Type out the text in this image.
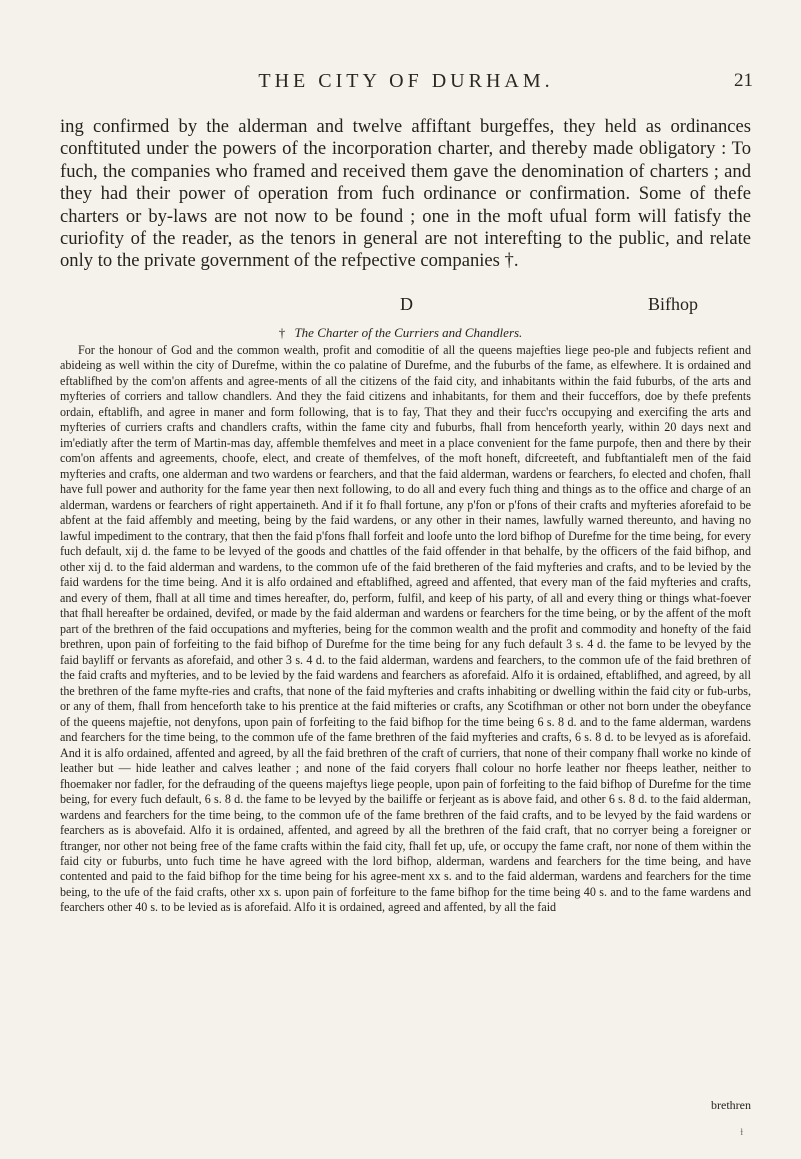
THE CITY OF DURHAM.	21

ing confirmed by the alderman and twelve affiftant burgeffes, they held as ordinances conftituted under the powers of the incorporation charter, and thereby made obligatory : To fuch, the companies who framed and received them gave the denomination of charters ; and they had their power of operation from fuch ordinance or confirmation. Some of thefe charters or by-laws are not now to be found ; one in the moft ufual form will fatisfy the curiofity of the reader, as the tenors in general are not interefting to the public, and relate only to the private government of the refpective companies †.

D	Bifhop
† The Charter of the Curriers and Chandlers.

For the honour of God and the common wealth, profit and comoditie of all the queens majefties liege peo-ple and fubjects refient and abideing as well within the city of Durefme, within the co palatine of Durefme, and the fuburbs of the fame, as elfewhere. It is ordained and eftablifhed by the com'on affents and agree-ments of all the citizens of the faid city, and inhabitants within the faid fuburbs, of the arts and myfteries of corriers and tallow chandlers. And they the faid citizens and inhabitants, for them and their fucceffors, doe by thefe prefents ordain, eftablifh, and agree in maner and form following, that is to fay, That they and their fucc'rs occupying and exercifing the arts and myfteries of curriers crafts and chandlers crafts, within the fame city and fuburbs, fhall from henceforth yearly, within 20 days next and im'ediatly after the term of Martin-mas day, affemble themfelves and meet in a place convenient for the fame purpofe, then and there by their com'on affents and agreements, choofe, elect, and create of themfelves, of the moft honeft, difcreeteft, and fubftantialeft men of the faid myfteries and crafts, one alderman and two wardens or fearchers, and that the faid alderman, wardens or fearchers, fo elected and chofen, fhall have full power and authority for the fame year then next following, to do all and every fuch thing and things as to the office and charge of an alderman, wardens or fearchers of right appertaineth. And if it fo fhall fortune, any p'fon or p'fons of their crafts and myfteries aforefaid to be abfent at the faid affembly and meeting, being by the faid wardens, or any other in their names, lawfully warned thereunto, and having no lawful impediment to the contrary, that then the faid p'fons fhall forfeit and loofe unto the lord bifhop of Durefme for the time being, for every fuch default, xij d. the fame to be levyed of the goods and chattles of the faid offender in that behalfe, by the officers of the faid bifhop, and other xij d. to the faid alderman and wardens, to the common ufe of the faid bretheren of the faid myfteries and crafts, and to be levied by the faid wardens for the time being. And it is alfo ordained and eftablifhed, agreed and affented, that every man of the faid myfteries and crafts, and every of them, fhall at all time and times hereafter, do, perform, fulfil, and keep of his party, of all and every thing or things what-foever that fhall hereafter be ordained, devifed, or made by the faid alderman and wardens or fearchers for the time being, or by the affent of the moft part of the brethren of the faid occupations and myfteries, being for the common wealth and the profit and commodity and honefty of the faid brethren, upon pain of forfeiting to the faid bifhop of Durefme for the time being for any fuch default 3 s. 4 d. the fame to be levyed by the faid bayliff or fervants as aforefaid, and other 3 s. 4 d. to the faid alderman, wardens and fearchers, to the common ufe of the faid brethren of the faid crafts and myfteries, and to be levied by the faid wardens and fearchers as aforefaid. Alfo it is ordained, eftablifhed, and agreed, by all the brethren of the fame myfte-ries and crafts, that none of the faid myfteries and crafts inhabiting or dwelling within the faid city or fub-urbs, or any of them, fhall from henceforth take to his prentice at the faid mifteries or crafts, any Scotifhman or other not born under the obeyfance of the queens majeftie, not denyfons, upon pain of forfeiting to the faid bifhop for the time being 6 s. 8 d. and to the fame alderman, wardens and fearchers for the time being, to the common ufe of the fame brethren of the faid myfteries and crafts, 6 s. 8 d. to be levyed as is aforefaid. And it is alfo ordained, affented and agreed, by all the faid brethren of the craft of curriers, that none of their company fhall worke no kinde of leather but — hide leather and calves leather ; and none of the faid coryers fhall colour no horfe leather nor fheeps leather, neither to fhoemaker nor fadler, for the defrauding of the queens majeftys liege people, upon pain of forfeiting to the faid bifhop of Durefme for the time being, for every fuch default, 6 s. 8 d. the fame to be levyed by the bailiffe or ferjeant as is above faid, and other 6 s. 8 d. to the faid alderman, wardens and fearchers for the time being, to the common ufe of the fame brethren of the faid crafts, and to be levyed by the faid wardens or fearchers as is abovefaid. Alfo it is ordained, affented, and agreed by all the brethren of the faid craft, that no corryer being a foreigner or ftranger, nor other not being free of the fame crafts within the faid city, fhall fet up, ufe, or occupy the fame craft, nor none of them within the faid city or fuburbs, unto fuch time he have agreed with the lord bifhop, alderman, wardens and fearchers for the time being, and have contented and paid to the faid bifhop for the time being for his agree-ment xx s. and to the faid alderman, wardens and fearchers for the time being, to the ufe of the faid crafts, other xx s. upon pain of forfeiture to the fame bifhop for the time being 40 s. and to the fame wardens and fearchers other 40 s. to be levied as is aforefaid. Alfo it is ordained, agreed and affented, by all the faid

brethren
ɫ
